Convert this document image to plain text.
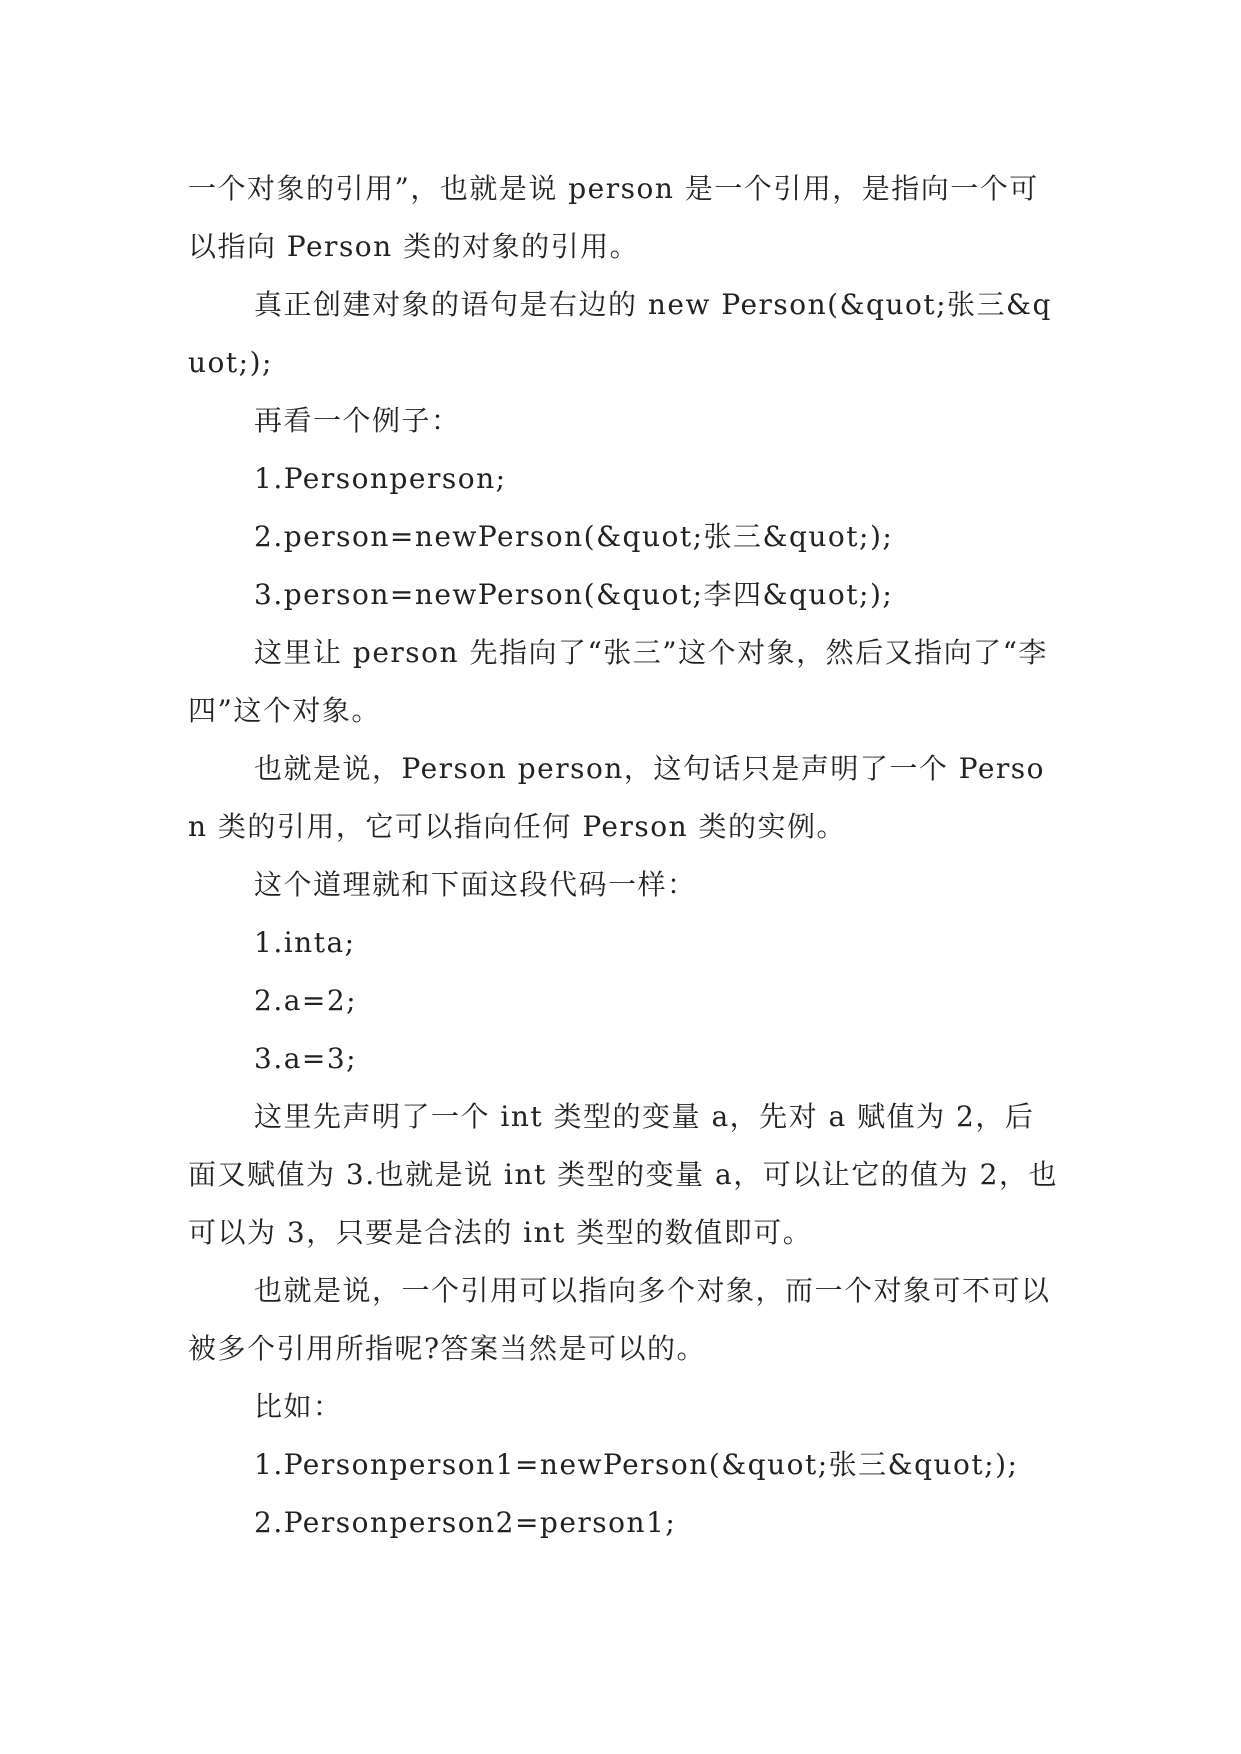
一个对象的引用”，也就是说 person 是一个引用，是指向一个可以指向 Person 类的对象的引用。

真正创建对象的语句是右边的 new Person(&quot;张三&quot;);

再看一个例子：

1.Personperson;

2.person=newPerson(&quot;张三&quot;);

3.person=newPerson(&quot;李四&quot;);

这里让 person 先指向了“张三”这个对象，然后又指向了“李四”这个对象。

也就是说，Person person，这句话只是声明了一个 Person 类的引用，它可以指向任何 Person 类的实例。

这个道理就和下面这段代码一样：

1.inta;

2.a=2;

3.a=3;

这里先声明了一个 int 类型的变量 a，先对 a 赋值为 2，后面又赋值为 3.也就是说 int 类型的变量 a，可以让它的值为 2，也可以为 3，只要是合法的 int 类型的数值即可。

也就是说，一个引用可以指向多个对象，而一个对象可不可以被多个引用所指呢?答案当然是可以的。

比如：

1.Personperson1=newPerson(&quot;张三&quot;);

2.Personperson2=person1;
